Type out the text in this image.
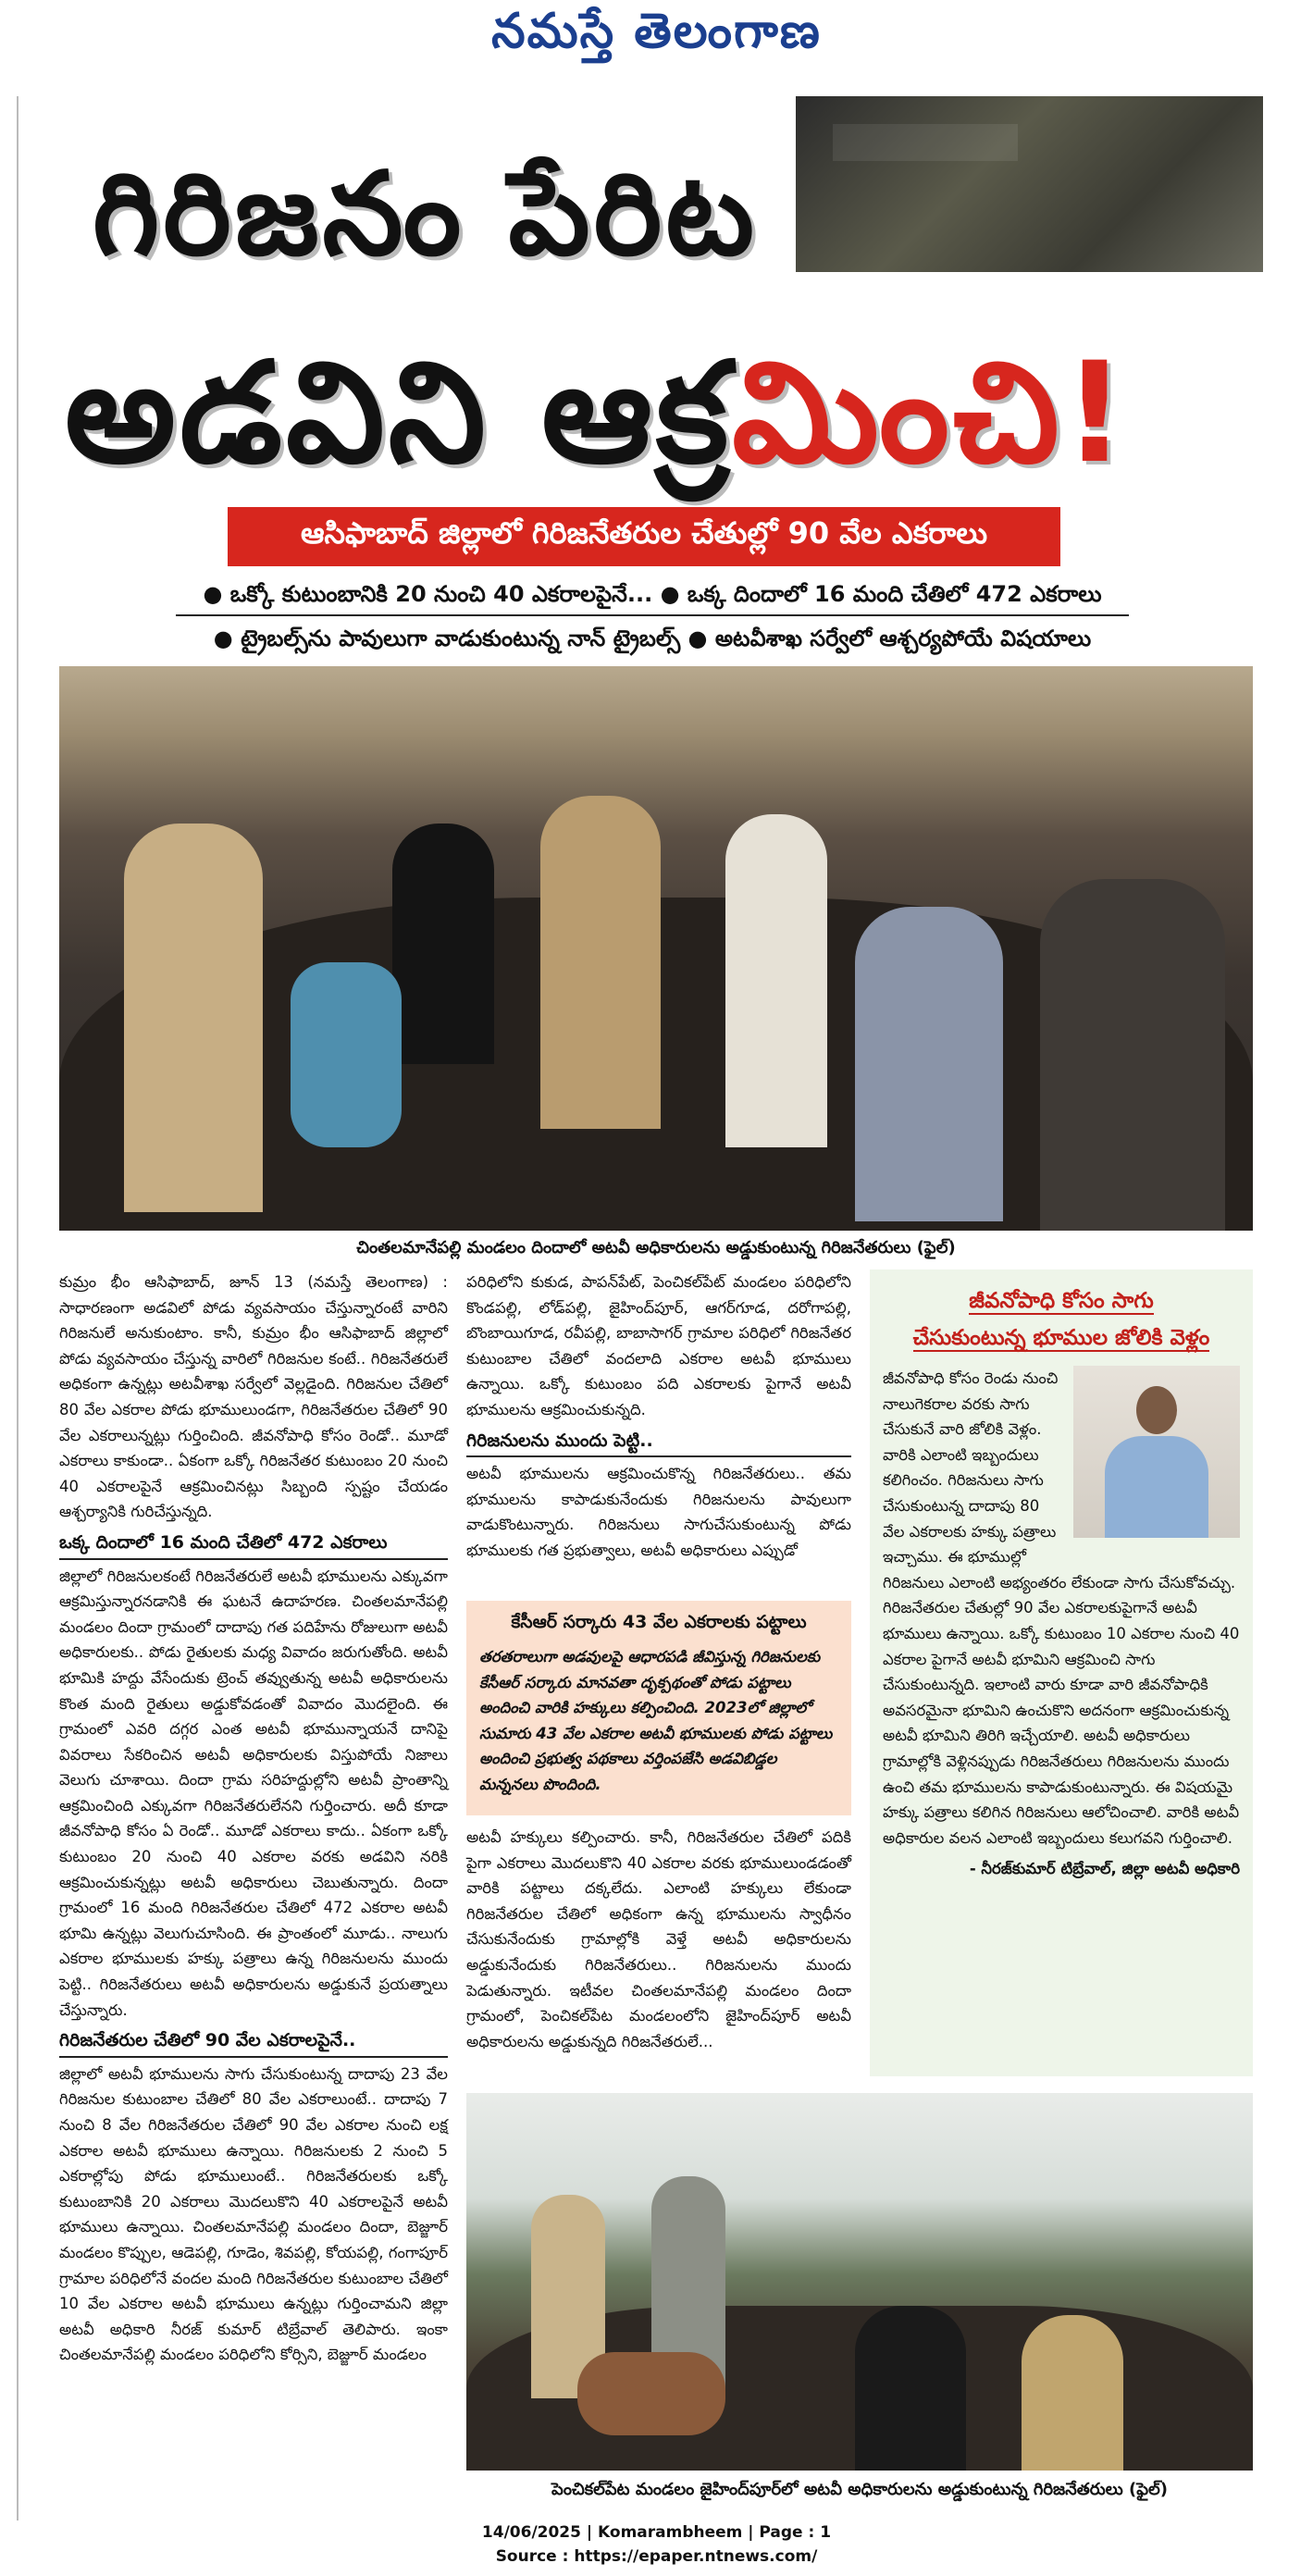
నమస్తే తెలంగాణ
గిరిజనం పేరిట
అడవిని ఆక్రమించి!
ఆసిఫాబాద్ జిల్లాలో గిరిజనేతరుల చేతుల్లో 90 వేల ఎకరాలు
● ఒక్కో కుటుంబానికి 20 నుంచి 40 ఎకరాలపైనే... ● ఒక్క దిందాలో 16 మంది చేతిలో 472 ఎకరాలు
● ట్రైబల్స్‌ను పావులుగా వాడుకుంటున్న నాన్ ట్రైబల్స్ ● అటవీశాఖ సర్వేలో ఆశ్చర్యపోయే విషయాలు
చింతలమానేపల్లి మండలం దిందాలో అటవీ అధికారులను అడ్డుకుంటున్న గిరిజనేతరులు (ఫైల్)

కుమ్రం భీం ఆసిఫాబాద్, జూన్ 13 (నమస్తే తెలంగాణ) : సాధారణంగా అడవిలో పోడు వ్యవసాయం చేస్తున్నారంటే వారిని గిరిజనులే అనుకుంటాం. కానీ, కుమ్రం భీం ఆసిఫాబాద్ జిల్లాలో పోడు వ్యవసాయం చేస్తున్న వారిలో గిరిజనుల కంటే.. గిరిజనేతరులే అధికంగా ఉన్నట్లు అటవీశాఖ సర్వేలో వెల్లడైంది. గిరిజనుల చేతిలో 80 వేల ఎకరాల పోడు భూములుండగా, గిరిజనేతరుల చేతిలో 90 వేల ఎకరాలున్నట్లు గుర్తించింది. జీవనోపాధి కోసం రెండో.. మూడో ఎకరాలు కాకుండా.. ఏకంగా ఒక్కో గిరిజనేతర కుటుంబం 20 నుంచి 40 ఎకరాలపైనే ఆక్రమించినట్లు సిబ్బంది స్పష్టం చేయడం ఆశ్చర్యానికి గురిచేస్తున్నది.

ఒక్క దిందాలో 16 మంది చేతిలో 472 ఎకరాలు

జిల్లాలో గిరిజనులకంటే గిరిజనేతరులే అటవీ భూములను ఎక్కువగా ఆక్రమిస్తున్నారనడానికి ఈ ఘటనే ఉదాహరణ. చింతలమానేపల్లి మండలం దిందా గ్రామంలో దాదాపు గత పదిహేను రోజులుగా అటవీ అధికారులకు.. పోడు రైతులకు మధ్య వివాదం జరుగుతోంది. అటవీ భూమికి హద్దు వేసేందుకు ట్రెంచ్ తవ్వుతున్న అటవీ అధికారులను కొంత మంది రైతులు అడ్డుకోవడంతో వివాదం మొదలైంది. ఈ గ్రామంలో ఎవరి దగ్గర ఎంత అటవీ భూమున్నాయనే దానిపై వివరాలు సేకరించిన అటవీ అధికారులకు విస్తుపోయే నిజాలు వెలుగు చూశాయి. దిందా గ్రామ సరిహద్దుల్లోని అటవీ ప్రాంతాన్ని ఆక్రమించింది ఎక్కువగా గిరిజనేతరులేనని గుర్తించారు. అదీ కూడా జీవనోపాధి కోసం ఏ రెండో.. మూడో ఎకరాలు కాదు.. ఏకంగా ఒక్కో కుటుంబం 20 నుంచి 40 ఎకరాల వరకు అడవిని నరికి ఆక్రమించుకున్నట్లు అటవీ అధికారులు చెబుతున్నారు. దిందా గ్రామంలో 16 మంది గిరిజనేతరుల చేతిలో 472 ఎకరాల అటవీ భూమి ఉన్నట్లు వెలుగుచూసింది. ఈ ప్రాంతంలో మూడు.. నాలుగు ఎకరాల భూములకు హక్కు పత్రాలు ఉన్న గిరిజనులను ముందు పెట్టి.. గిరిజనేతరులు అటవీ అధికారులను అడ్డుకునే ప్రయత్నాలు చేస్తున్నారు.

గిరిజనేతరుల చేతిలో 90 వేల ఎకరాలపైనే..

జిల్లాలో అటవీ భూములను సాగు చేసుకుంటున్న దాదాపు 23 వేల గిరిజనుల కుటుంబాల చేతిలో 80 వేల ఎకరాలుంటే.. దాదాపు 7 నుంచి 8 వేల గిరిజనేతరుల చేతిలో 90 వేల ఎకరాల నుంచి లక్ష ఎకరాల అటవీ భూములు ఉన్నాయి. గిరిజనులకు 2 నుంచి 5 ఎకరాల్లోపు పోడు భూములుంటే.. గిరిజనేతరులకు ఒక్కో కుటుంబానికి 20 ఎకరాలు మొదలుకొని 40 ఎకరాలపైనే అటవీ భూములు ఉన్నాయి. చింతలమానేపల్లి మండలం దిందా, బెజ్జూర్ మండలం కొప్పుల, ఆడెపల్లి, గూడెం, శివపల్లి, కోయపల్లి, గంగాపూర్ గ్రామాల పరిధిలోనే వందల మంది గిరిజనేతరుల కుటుంబాల చేతిలో 10 వేల ఎకరాల అటవీ భూములు ఉన్నట్లు గుర్తించామని జిల్లా అటవీ అధికారి నీరజ్ కుమార్ టిబ్రేవాల్ తెలిపారు. ఇంకా చింతలమానేపల్లి మండలం పరిధిలోని కోర్సిని, బెజ్జూర్ మండలం

పరిధిలోని కుకుడ, పాపన్‌పేట్, పెంచికల్‌పేట్ మండలం పరిధిలోని కొండపల్లి, లోడ్‌పల్లి, జైహింద్‌పూర్, ఆగర్‌గూడ, దరోగాపల్లి, బొంబాయిగూడ, రవీపల్లి, బాబాసాగర్ గ్రామాల పరిధిలో గిరిజనేతర కుటుంబాల చేతిలో వందలాది ఎకరాల అటవీ భూములు ఉన్నాయి. ఒక్కో కుటుంబం పది ఎకరాలకు పైగానే అటవీ భూములను ఆక్రమించుకున్నది.

గిరిజనులను ముందు పెట్టి..

అటవీ భూములను ఆక్రమించుకొన్న గిరిజనేతరులు.. తమ భూములను కాపాడుకునేందుకు గిరిజనులను పావులుగా వాడుకొంటున్నారు. గిరిజనులు సాగుచేసుకుంటున్న పోడు భూములకు గత ప్రభుత్వాలు, అటవీ అధికారులు ఎప్పుడో

కేసీఆర్ సర్కారు 43 వేల ఎకరాలకు పట్టాలు
తరతరాలుగా అడవులపై ఆధారపడి జీవిస్తున్న గిరిజనులకు కేసీఆర్ సర్కారు మానవతా దృక్పథంతో పోడు పట్టాలు అందించి వారికి హక్కులు కల్పించింది. 2023లో జిల్లాలో సుమారు 43 వేల ఎకరాల అటవీ భూములకు పోడు పట్టాలు అందించి ప్రభుత్వ పథకాలు వర్తింపజేసి అడవిబిడ్డల మన్ననలు పొందింది.

అటవీ హక్కులు కల్పించారు. కానీ, గిరిజనేతరుల చేతిలో పదికి పైగా ఎకరాలు మొదలుకొని 40 ఎకరాల వరకు భూములుండడంతో వారికి పట్టాలు దక్కలేదు. ఎలాంటి హక్కులు లేకుండా గిరిజనేతరుల చేతిలో అధికంగా ఉన్న భూములను స్వాధీనం చేసుకునేందుకు గ్రామాల్లోకి వెళ్తే అటవీ అధికారులను అడ్డుకునేందుకు గిరిజనేతరులు.. గిరిజనులను ముందు పెడుతున్నారు. ఇటీవల చింతలమానేపల్లి మండలం దిందా గ్రామంలో, పెంచికల్‌పేట మండలంలోని జైహింద్‌పూర్ అటవీ అధికారులను అడ్డుకున్నది గిరిజనేతరులే...

జీవనోపాధి కోసం సాగు
చేసుకుంటున్న భూముల జోలికి వెళ్లం
జీవనోపాధి కోసం రెండు నుంచి నాలుగెకరాల వరకు సాగు చేసుకునే వారి జోలికి వెళ్లం. వారికి ఎలాంటి ఇబ్బందులు కలిగించం. గిరిజనులు సాగు చేసుకుంటున్న దాదాపు 80 వేల ఎకరాలకు హక్కు పత్రాలు ఇచ్చాము. ఈ భూముల్లో గిరిజనులు ఎలాంటి అభ్యంతరం లేకుండా సాగు చేసుకోవచ్చు. గిరిజనేతరుల చేతుల్లో 90 వేల ఎకరాలకుపైగానే అటవీ భూములు ఉన్నాయి. ఒక్కో కుటుంబం 10 ఎకరాల నుంచి 40 ఎకరాల పైగానే అటవీ భూమిని ఆక్రమించి సాగు చేసుకుంటున్నది. ఇలాంటి వారు కూడా వారి జీవనోపాధికి అవసరమైనా భూమిని ఉంచుకొని అదనంగా ఆక్రమించుకున్న అటవీ భూమిని తిరిగి ఇచ్చేయాలి. అటవీ అధికారులు గ్రామాల్లోకి వెళ్లినప్పుడు గిరిజనేతరులు గిరిజనులను ముందు ఉంచి తమ భూములను కాపాడుకుంటున్నారు. ఈ విషయమై హక్కు పత్రాలు కలిగిన గిరిజనులు ఆలోచించాలి. వారికి అటవీ అధికారుల వలన ఎలాంటి ఇబ్బందులు కలుగవని గుర్తించాలి.
- నీరజ్‌కుమార్ టిబ్రేవాల్, జిల్లా అటవీ అధికారి
పెంచికల్‌పేట మండలం జైహింద్‌పూర్‌లో అటవీ అధికారులను అడ్డుకుంటున్న గిరిజనేతరులు (ఫైల్)
14/06/2025 | Komarambheem | Page : 1
Source : https://epaper.ntnews.com/
